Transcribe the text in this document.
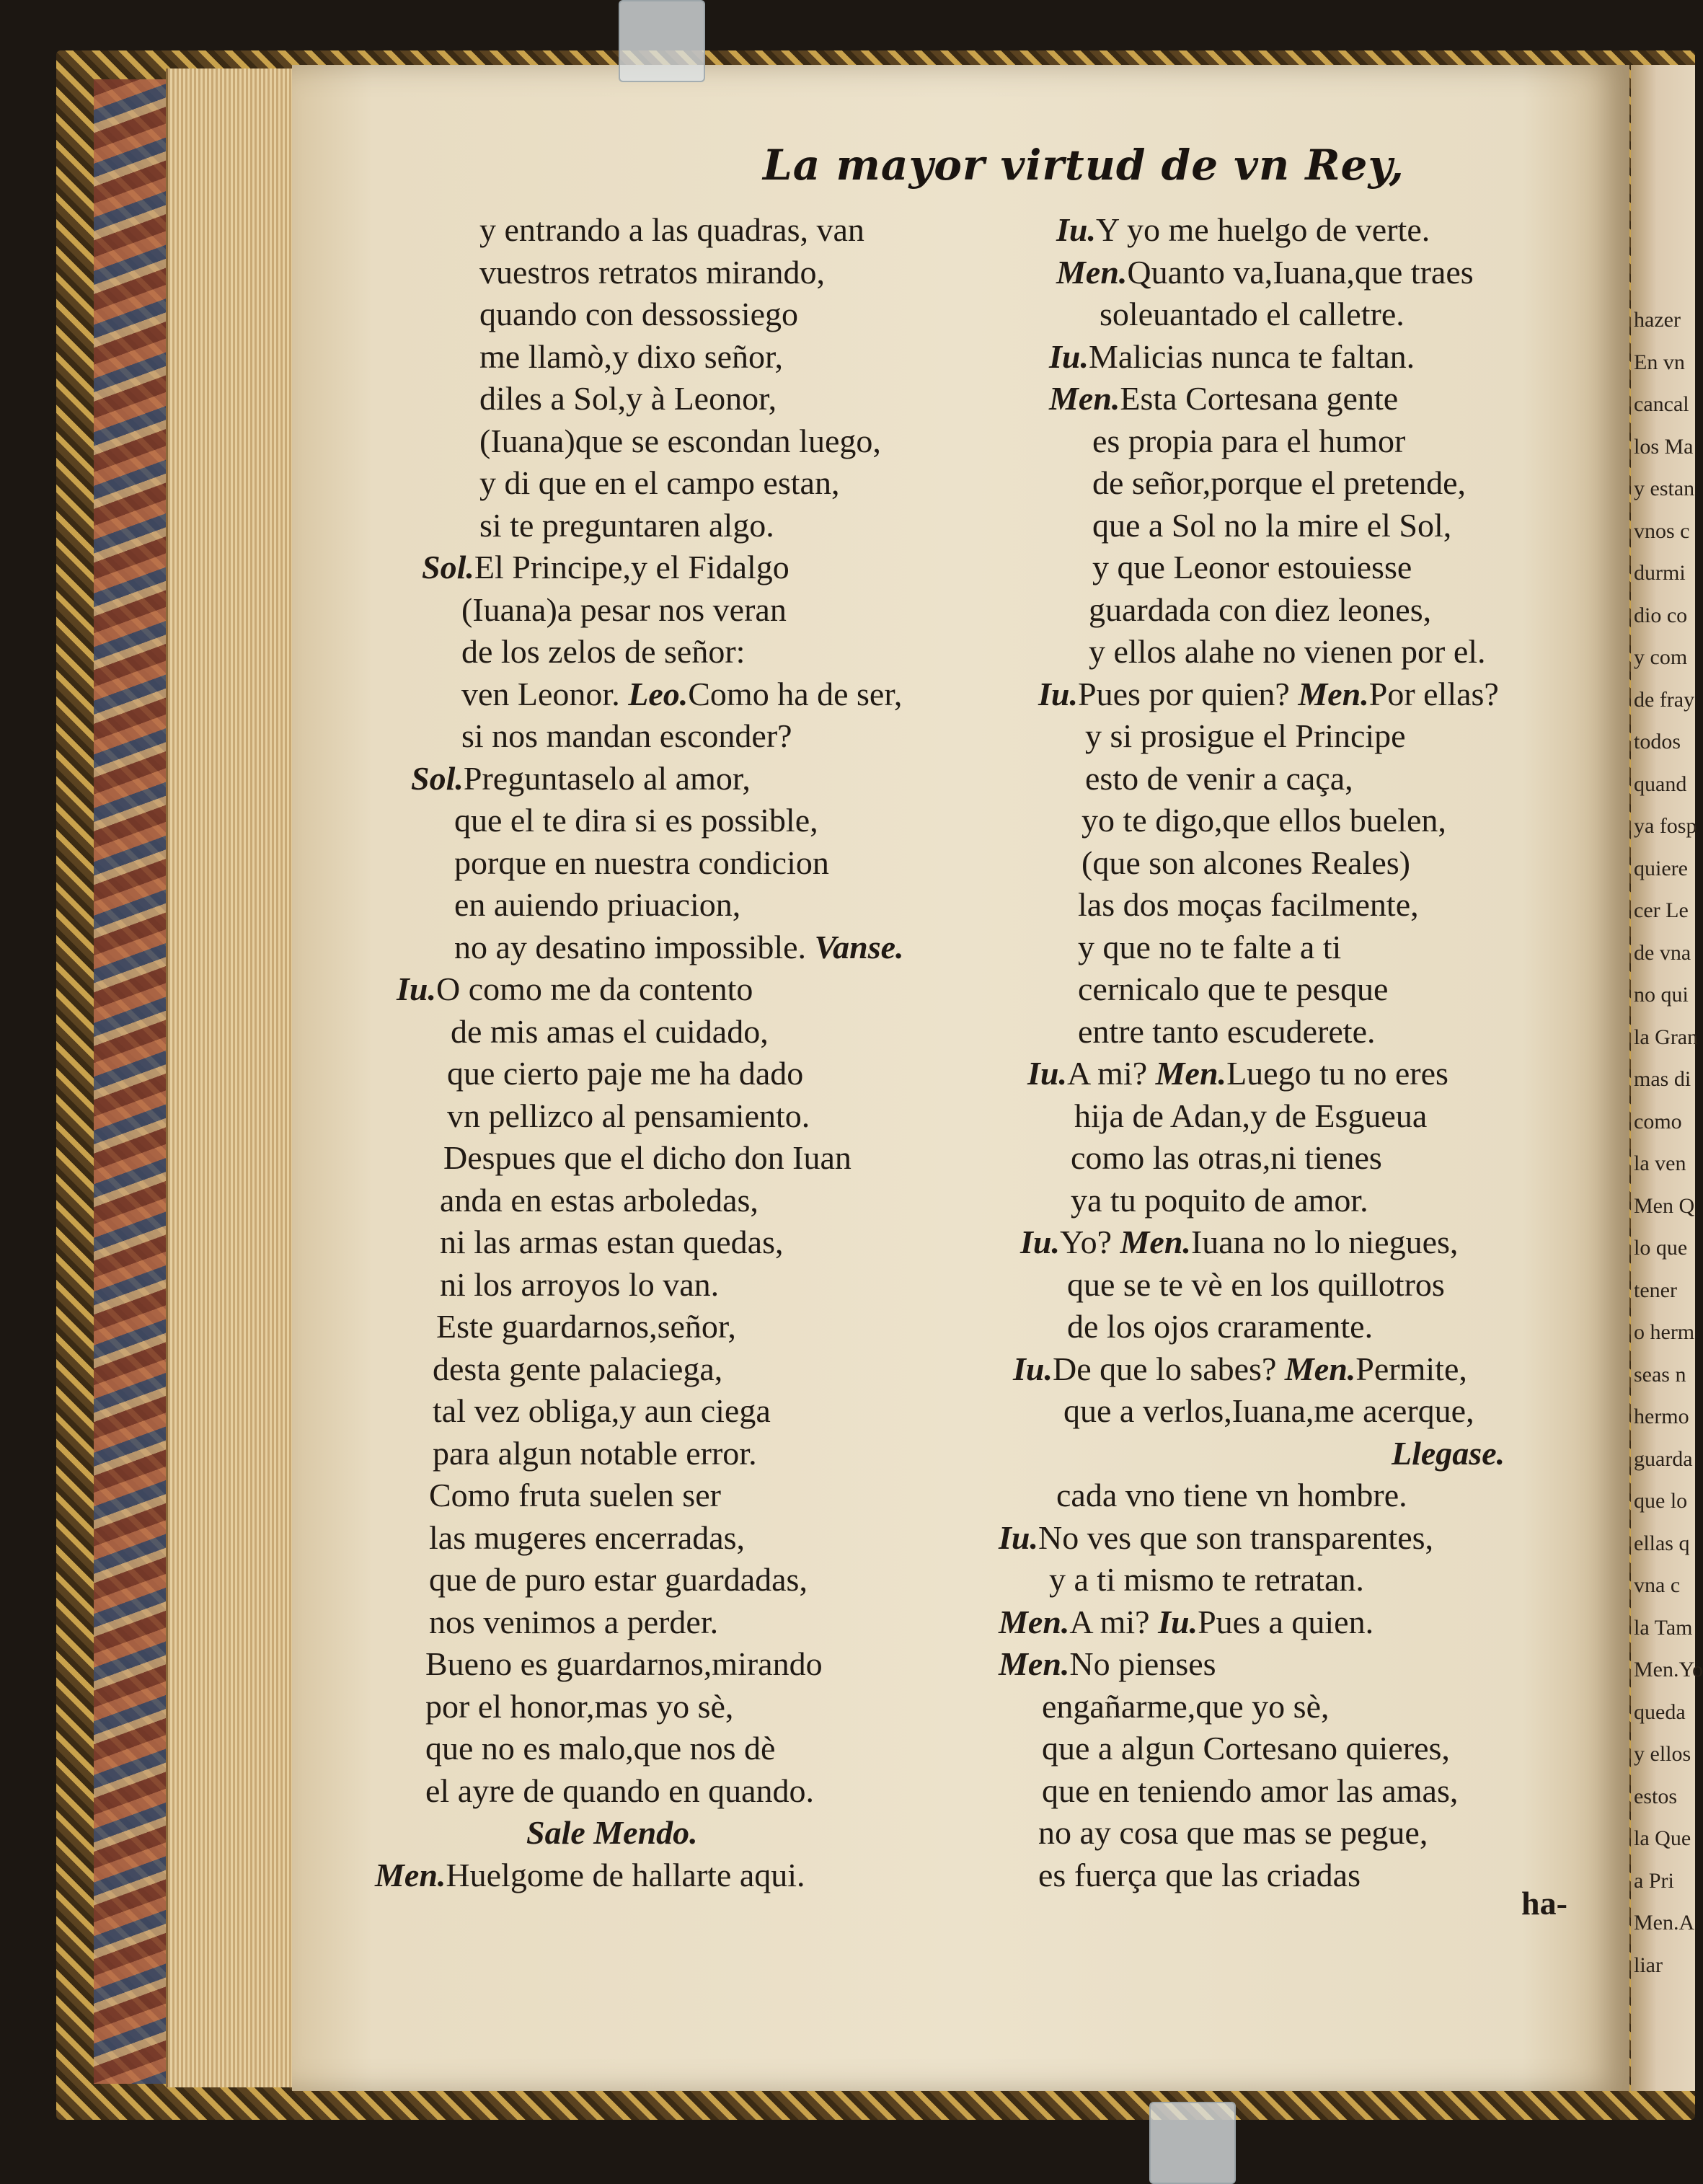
hazer
En vn
cancal
los Ma
y estan
vnos c
durmi
dio co
y com
de fray
todos
quand
ya fosp
quiere
cer Le
de vna
no qui
la Gran
mas di
como
la ven
Men Q
lo que
tener
o herm
seas n
hermo
guarda
que lo
ellas q
vna c
la Tam
Men.Yo
queda
y ellos
estos
la Que
a Pri
Men.A
liar
La mayor virtud de vn Rey,
y entrando a las quadras, van
vuestros retratos mirando,
quando con dessossiego
me llamò,y dixo señor,
diles a Sol,y à Leonor,
(Iuana)que se escondan luego,
y di que en el campo estan,
si te preguntaren algo.
Sol.El Principe,y el Fidalgo
(Iuana)a pesar nos veran
de los zelos de señor:
ven Leonor. Leo.Como ha de ser,
si nos mandan esconder?
Sol.Preguntaselo al amor,
que el te dira si es possible,
porque en nuestra condicion
en auiendo priuacion,
no ay desatino impossible. Vanse.
Iu.O como me da contento
de mis amas el cuidado,
que cierto paje me ha dado
vn pellizco al pensamiento.
Despues que el dicho don Iuan
anda en estas arboledas,
ni las armas estan quedas,
ni los arroyos lo van.
Este guardarnos,señor,
desta gente palaciega,
tal vez obliga,y aun ciega
para algun notable error.
Como fruta suelen ser
las mugeres encerradas,
que de puro estar guardadas,
nos venimos a perder.
Bueno es guardarnos,mirando
por el honor,mas yo sè,
que no es malo,que nos dè
el ayre de quando en quando.
Sale Mendo.
Men.Huelgome de hallarte aqui.
Iu.Y yo me huelgo de verte.
Men.Quanto va,Iuana,que traes
soleuantado el calletre.
Iu.Malicias nunca te faltan.
Men.Esta Cortesana gente
es propia para el humor
de señor,porque el pretende,
que a Sol no la mire el Sol,
y que Leonor estouiesse
guardada con diez leones,
y ellos alahe no vienen por el.
Iu.Pues por quien? Men.Por ellas?
y si prosigue el Principe
esto de venir a caça,
yo te digo,que ellos buelen,
(que son alcones Reales)
las dos moças facilmente,
y que no te falte a ti
cernicalo que te pesque
entre tanto escuderete.
Iu.A mi? Men.Luego tu no eres
hija de Adan,y de Esgueua
como las otras,ni tienes
ya tu poquito de amor.
Iu.Yo? Men.Iuana no lo niegues,
que se te vè en los quillotros
de los ojos craramente.
Iu.De que lo sabes? Men.Permite,
que a verlos,Iuana,me acerque,
Llegase.
cada vno tiene vn hombre.
Iu.No ves que son transparentes,
y a ti mismo te retratan.
Men.A mi? Iu.Pues a quien.
Men.No pienses
engañarme,que yo sè,
que a algun Cortesano quieres,
que en teniendo amor las amas,
no ay cosa que mas se pegue,
es fuerça que las criadas
ha-
